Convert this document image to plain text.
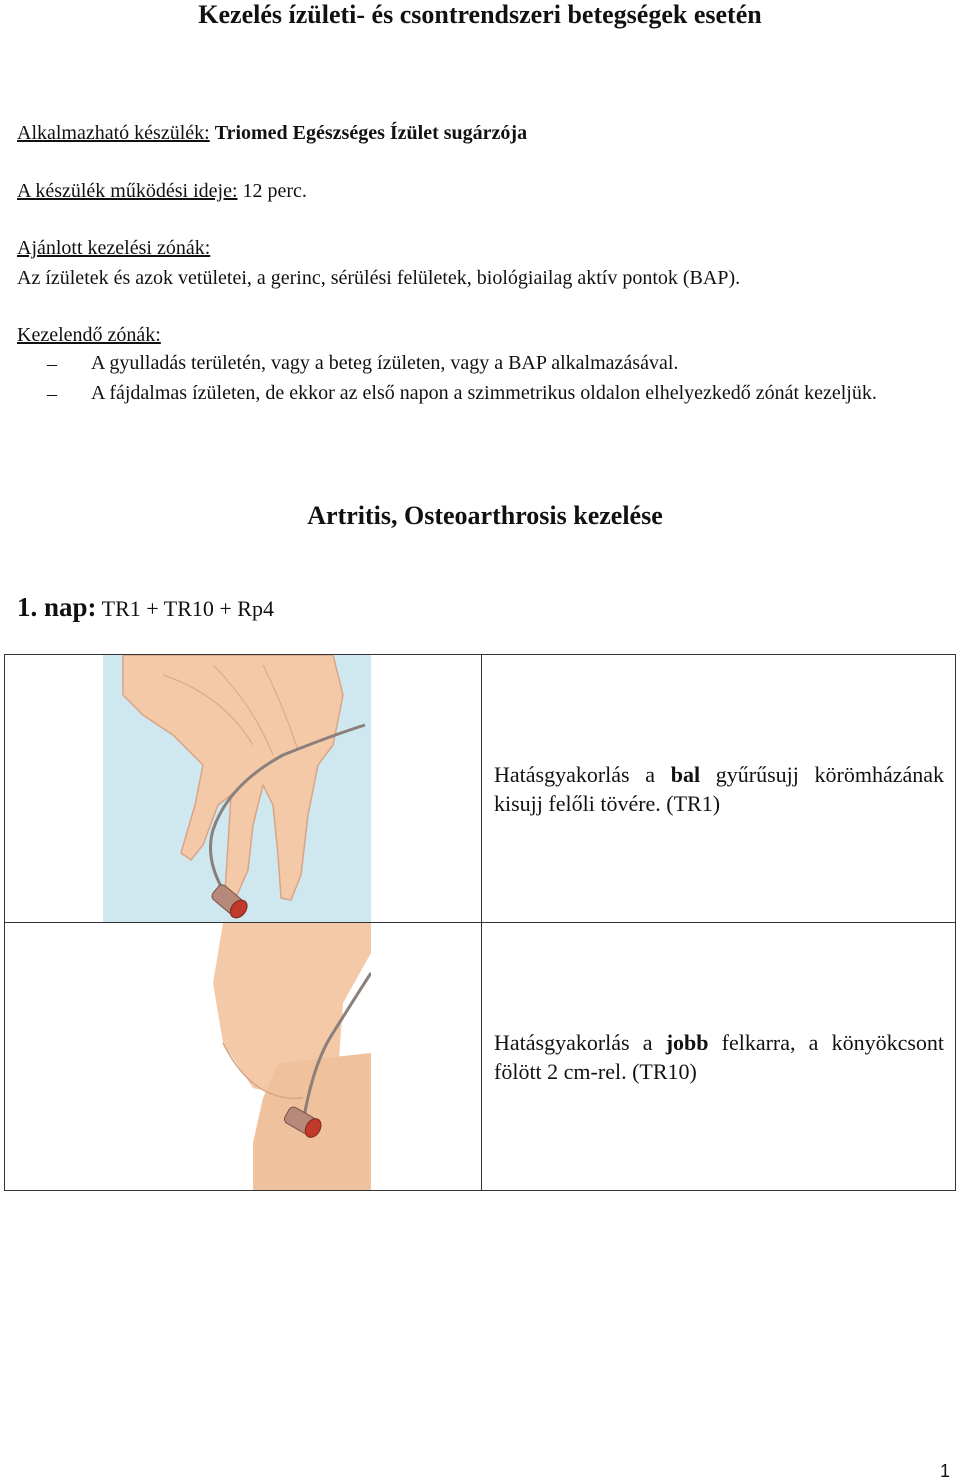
Kezelés ízületi- és csontrendszeri betegségek esetén
Alkalmazható készülék: Triomed Egészséges Ízület sugárzója
A készülék működési ideje: 12 perc.
Ajánlott kezelési zónák:
Az ízületek és azok vetületei, a gerinc, sérülési felületek, biológiailag aktív pontok (BAP).
Kezelendő zónák:
– A gyulladás területén, vagy a beteg ízületen, vagy a BAP alkalmazásával.
– A fájdalmas ízületen, de ekkor az első napon a szimmetrikus oldalon elhelyezkedő zónát kezeljük.
Artritis, Osteoarthrosis kezelése
1. nap: TR1 + TR10 + Rp4

Hatásgyakorlás a bal gyűrűsujj körömházának kisujj felőli tövére. (TR1)

Hatásgyakorlás a jobb felkarra, a könyökcsont fölött 2 cm-rel. (TR10)
1
